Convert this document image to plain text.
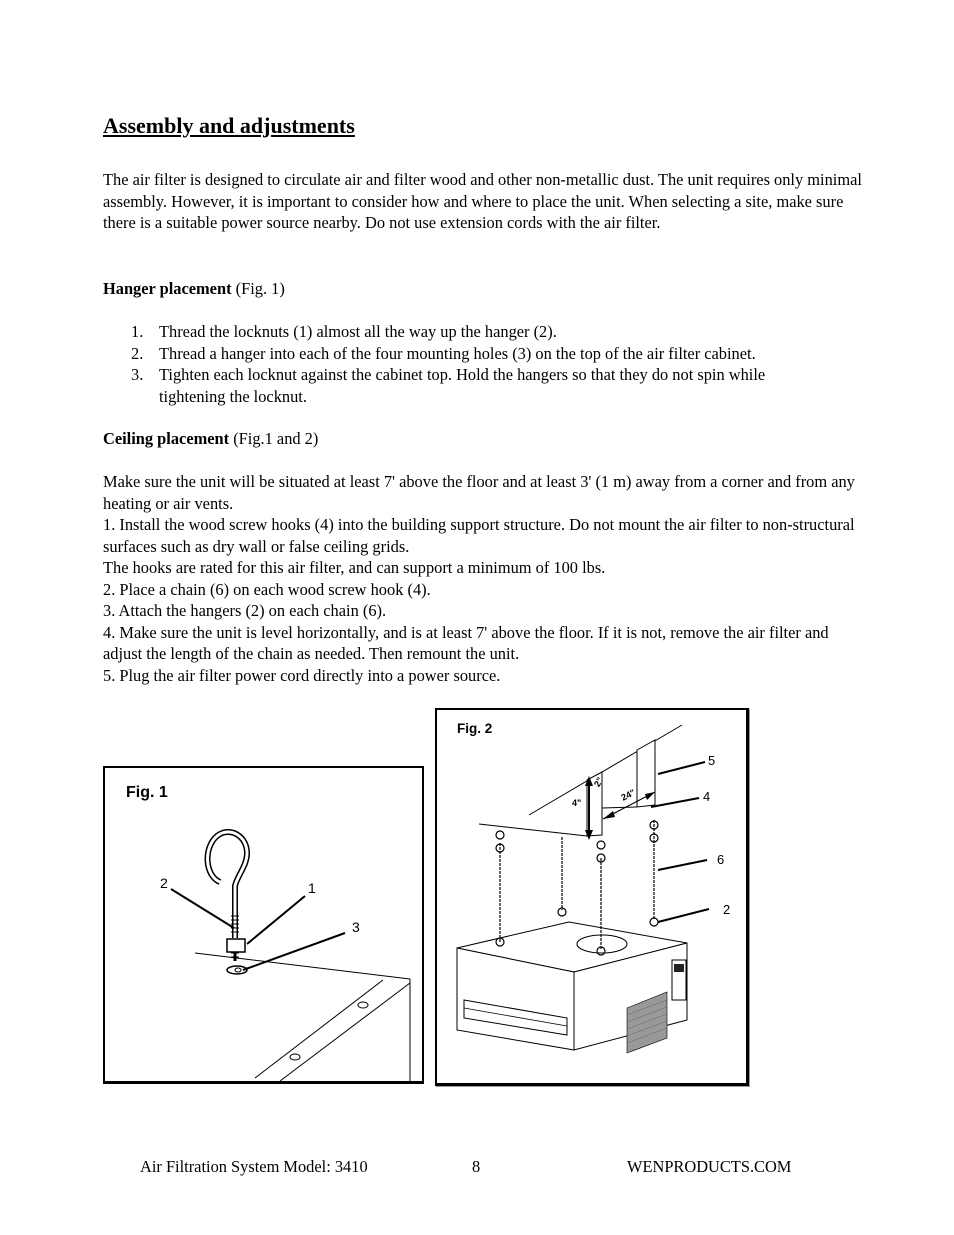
Assembly and adjustments
The air filter is designed to circulate air and filter wood and other non-metallic dust. The unit requires only minimal assembly. However, it is important to consider how and where to place the unit. When selecting a site, make sure there is a suitable power source nearby. Do not use extension cords with the air filter.
Hanger placement (Fig. 1)
1. Thread the locknuts (1) almost all the way up the hanger (2).
2. Thread a hanger into each of the four mounting holes (3) on the top of the air filter cabinet.
3. Tighten each locknut against the cabinet top. Hold the hangers so that they do not spin while tightening the locknut.
Ceiling placement (Fig.1 and 2)
Make sure the unit will be situated at least 7' above the floor and at least 3' (1 m) away from a corner and from any heating or air vents.
1. Install the wood screw hooks (4) into the building support structure. Do not mount the air filter to non-structural surfaces such as dry wall or false ceiling grids.
The hooks are rated for this air filter, and can support a minimum of 100 lbs.
2. Place a chain (6) on each wood screw hook (4).
3. Attach the hangers (2) on each chain (6).
4. Make sure the unit is level horizontally, and is at least 7' above the floor. If it is not, remove the air filter and adjust the length of the chain as needed. Then remount the unit.
5. Plug the air filter power cord directly into a power source.
Fig. 1
2	1
3
Fig. 2
5
4
6
2
4"
2"
24"
Air Filtration System Model: 3410	8	WENPRODUCTS.COM
